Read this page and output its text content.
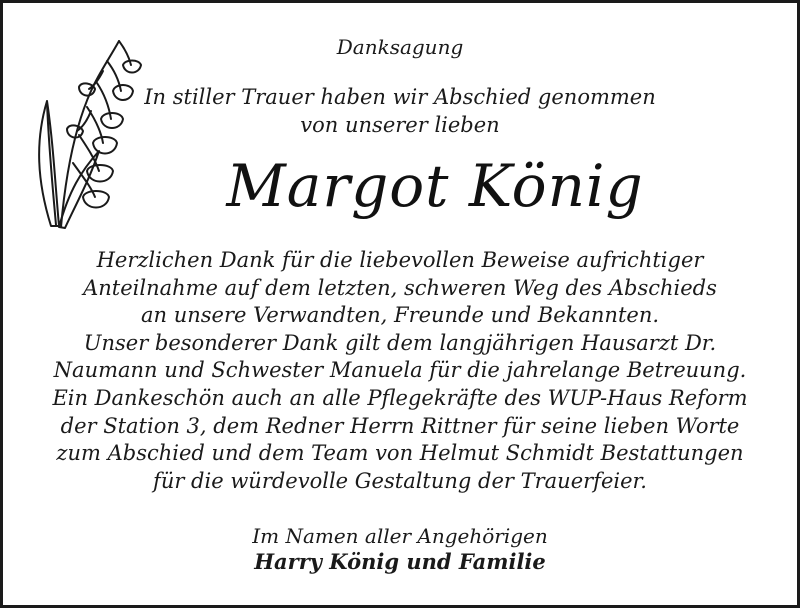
Danksagung
In stiller Trauer haben wir Abschied genommen
von unserer lieben
Margot König
Herzlichen Dank für die liebevollen Beweise aufrichtiger
Anteilnahme auf dem letzten, schweren Weg des Abschieds
an unsere Verwandten, Freunde und Bekannten.
Unser besonderer Dank gilt dem langjährigen Hausarzt Dr.
Naumann und Schwester Manuela für die jahrelange Betreuung.
Ein Dankeschön auch an alle Pflegekräfte des WUP-Haus Reform
der Station 3, dem Redner Herrn Rittner für seine lieben Worte
zum Abschied und dem Team von Helmut Schmidt Bestattungen
für die würdevolle Gestaltung der Trauerfeier.
Im Namen aller Angehörigen
Harry König und Familie
